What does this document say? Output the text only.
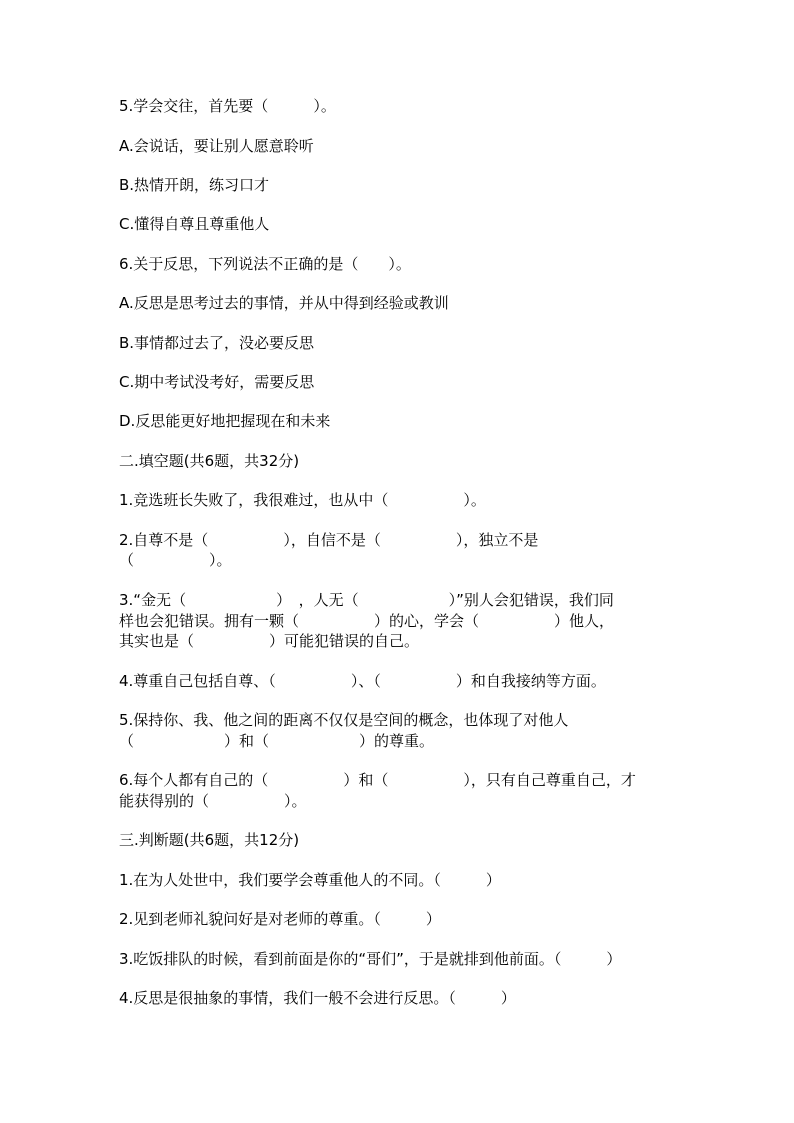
5.学会交往，首先要（　　　）。
A.会说话，要让别人愿意聆听
B.热情开朗，练习口才
C.懂得自尊且尊重他人
6.关于反思，下列说法不正确的是（　　）。
A.反思是思考过去的事情，并从中得到经验或教训
B.事情都过去了，没必要反思
C.期中考试没考好，需要反思
D.反思能更好地把握现在和未来
二.填空题(共6题，共32分)
1.竞选班长失败了，我很难过，也从中（　　　　　）。
2.自尊不是（　　　　　），自信不是（　　　　　），独立不是
（　　　　　）。
3.“金无（　　　　　　）　，人无（　　　　　　）”别人会犯错误，我们同
样也会犯错误。拥有一颗（　　　　　）的心，学会（　　　　　）他人，
其实也是（　　　　　）可能犯错误的自己。
4.尊重自己包括自尊、（　　　　　）、（　　　　　）和自我接纳等方面。
5.保持你、我、他之间的距离不仅仅是空间的概念，也体现了对他人
（　　　　　　）和（　　　　　　）的尊重。
6.每个人都有自己的（　　　　　）和（　　　　　），只有自己尊重自己，才
能获得别的（　　　　　）。
三.判断题(共6题，共12分)
1.在为人处世中，我们要学会尊重他人的不同。（　　　）
2.见到老师礼貌问好是对老师的尊重。（　　　）
3.吃饭排队的时候，看到前面是你的“哥们”，于是就排到他前面。（　　　）
4.反思是很抽象的事情，我们一般不会进行反思。（　　　）
